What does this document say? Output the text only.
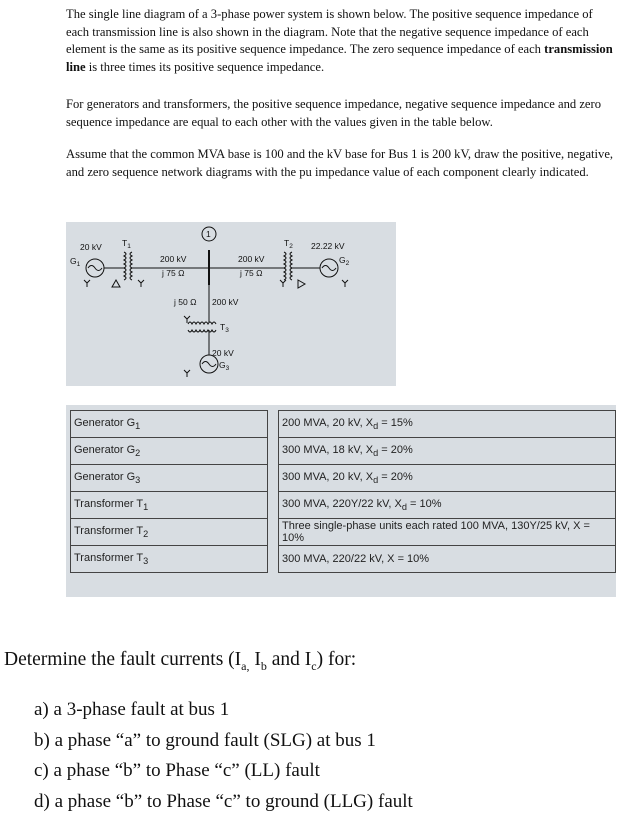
The single line diagram of a 3-phase power system is shown below. The positive sequence impedance of each transmission line is also shown in the diagram. Note that the negative sequence impedance of each element is the same as its positive sequence impedance. The zero sequence impedance of each transmission line is three times its positive sequence impedance.

For generators and transformers, the positive sequence impedance, negative sequence impedance and zero sequence impedance are equal to each other with the values given in the table below.

Assume that the common MVA base is 100 and the kV base for Bus 1 is 200 kV, draw the positive, negative, and zero sequence network diagrams with the pu impedance value of each component clearly indicated.

20 kV
$G_1$
$T_1$
200 kV
j 75 Ω
1
200 kV
j 75 Ω
$T_2$ 22.22 kV
$G_2$
j 50 Ω 200 kV
$T_3$
20 kV
$G_3$
Generator $G_1$		200 MVA, 20 kV, $X_d = 15\%$
Generator $G_2$		300 MVA, 18 kV, $X_d = 20\%$
Generator $G_3$		300 MVA, 20 kV, $X_d = 20\%$
Transformer $T_1$		300 MVA, 220Y/22 kV, $X_d = 10\%$
Transformer $T_2$		Three single-phase units each rated 100 MVA, 130Y/25 kV, X = 10%
Transformer $T_3$		300 MVA, 220/22 kV, X = 10%
Determine the fault currents ($I_{a,}$ $I_b$ and $I_c$) for:
a) a 3-phase fault at bus 1
b) a phase “a” to ground fault (SLG) at bus 1
c) a phase “b” to Phase “c” (LL) fault
d) a phase “b” to Phase “c” to ground (LLG) fault
